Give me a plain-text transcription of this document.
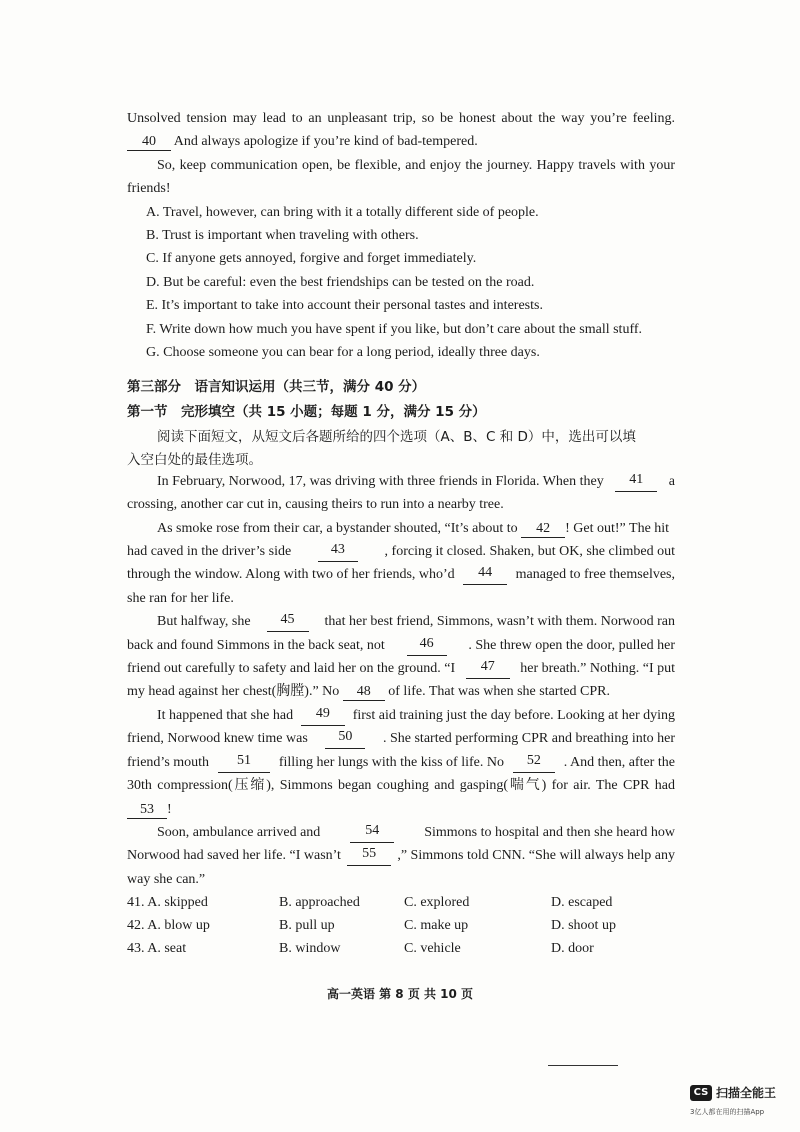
Unsolved tension may lead to an unpleasant trip, so be honest about the way you’re feeling.
40 And always apologize if you’re kind of bad-tempered.
So, keep communication open, be flexible, and enjoy the journey. Happy travels with your
friends!
A. Travel, however, can bring with it a totally different side of people.
B. Trust is important when traveling with others.
C. If anyone gets annoyed, forgive and forget immediately.
D. But be careful: even the best friendships can be tested on the road.
E. It’s important to take into account their personal tastes and interests.
F. Write down how much you have spent if you like, but don’t care about the small stuff.
G. Choose someone you can bear for a long period, ideally three days.
第三部分　语言知识运用（共三节，满分 40 分）
第一节　完形填空（共 15 小题；每题 1 分，满分 15 分）
阅读下面短文，从短文后各题所给的四个选项（A、B、C 和 D）中，选出可以填
入空白处的最佳选项。
In February, Norwood, 17, was driving with three friends in Florida. When they	41	a
crossing, another car cut in, causing theirs to run into a nearby tree.
As smoke rose from their car, a bystander shouted, “It’s about to 42 ! Get out!” The hit
had caved in the driver’s side	43	, forcing it closed. Shaken, but OK, she climbed out
through the window. Along with two of her friends, who’d	44	managed to free themselves,
she ran for her life.
But halfway, she	45	that her best friend, Simmons, wasn’t with them. Norwood ran
back and found Simmons in the back seat, not	46	. She threw open the door, pulled her
friend out carefully to safety and laid her on the ground. “I	47	her breath.” Nothing. “I put
my head against her chest(胸膛).” No 48 of life. That was when she started CPR.
It happened that she had	49	first aid training just the day before. Looking at her dying
friend, Norwood knew time was	50	. She started performing CPR and breathing into her
friend’s mouth	51	filling her lungs with the kiss of life. No	52	. And then, after the
30th compression(压缩), Simmons began coughing and gasping(喘气) for air. The CPR had
53 !
Soon, ambulance arrived and	54	Simmons to hospital and then she heard how
Norwood had saved her life. “I wasn’t	55	,” Simmons told CNN. “She will always help any
way she can.”
41. A. skipped	B. approached	C. explored	D. escaped
42. A. blow up	B. pull up	C. make up	D. shoot up
43. A. seat	B. window	C. vehicle	D. door
高一英语 第 8 页 共 10 页
CS 扫描全能王
3亿人都在用的扫描App
